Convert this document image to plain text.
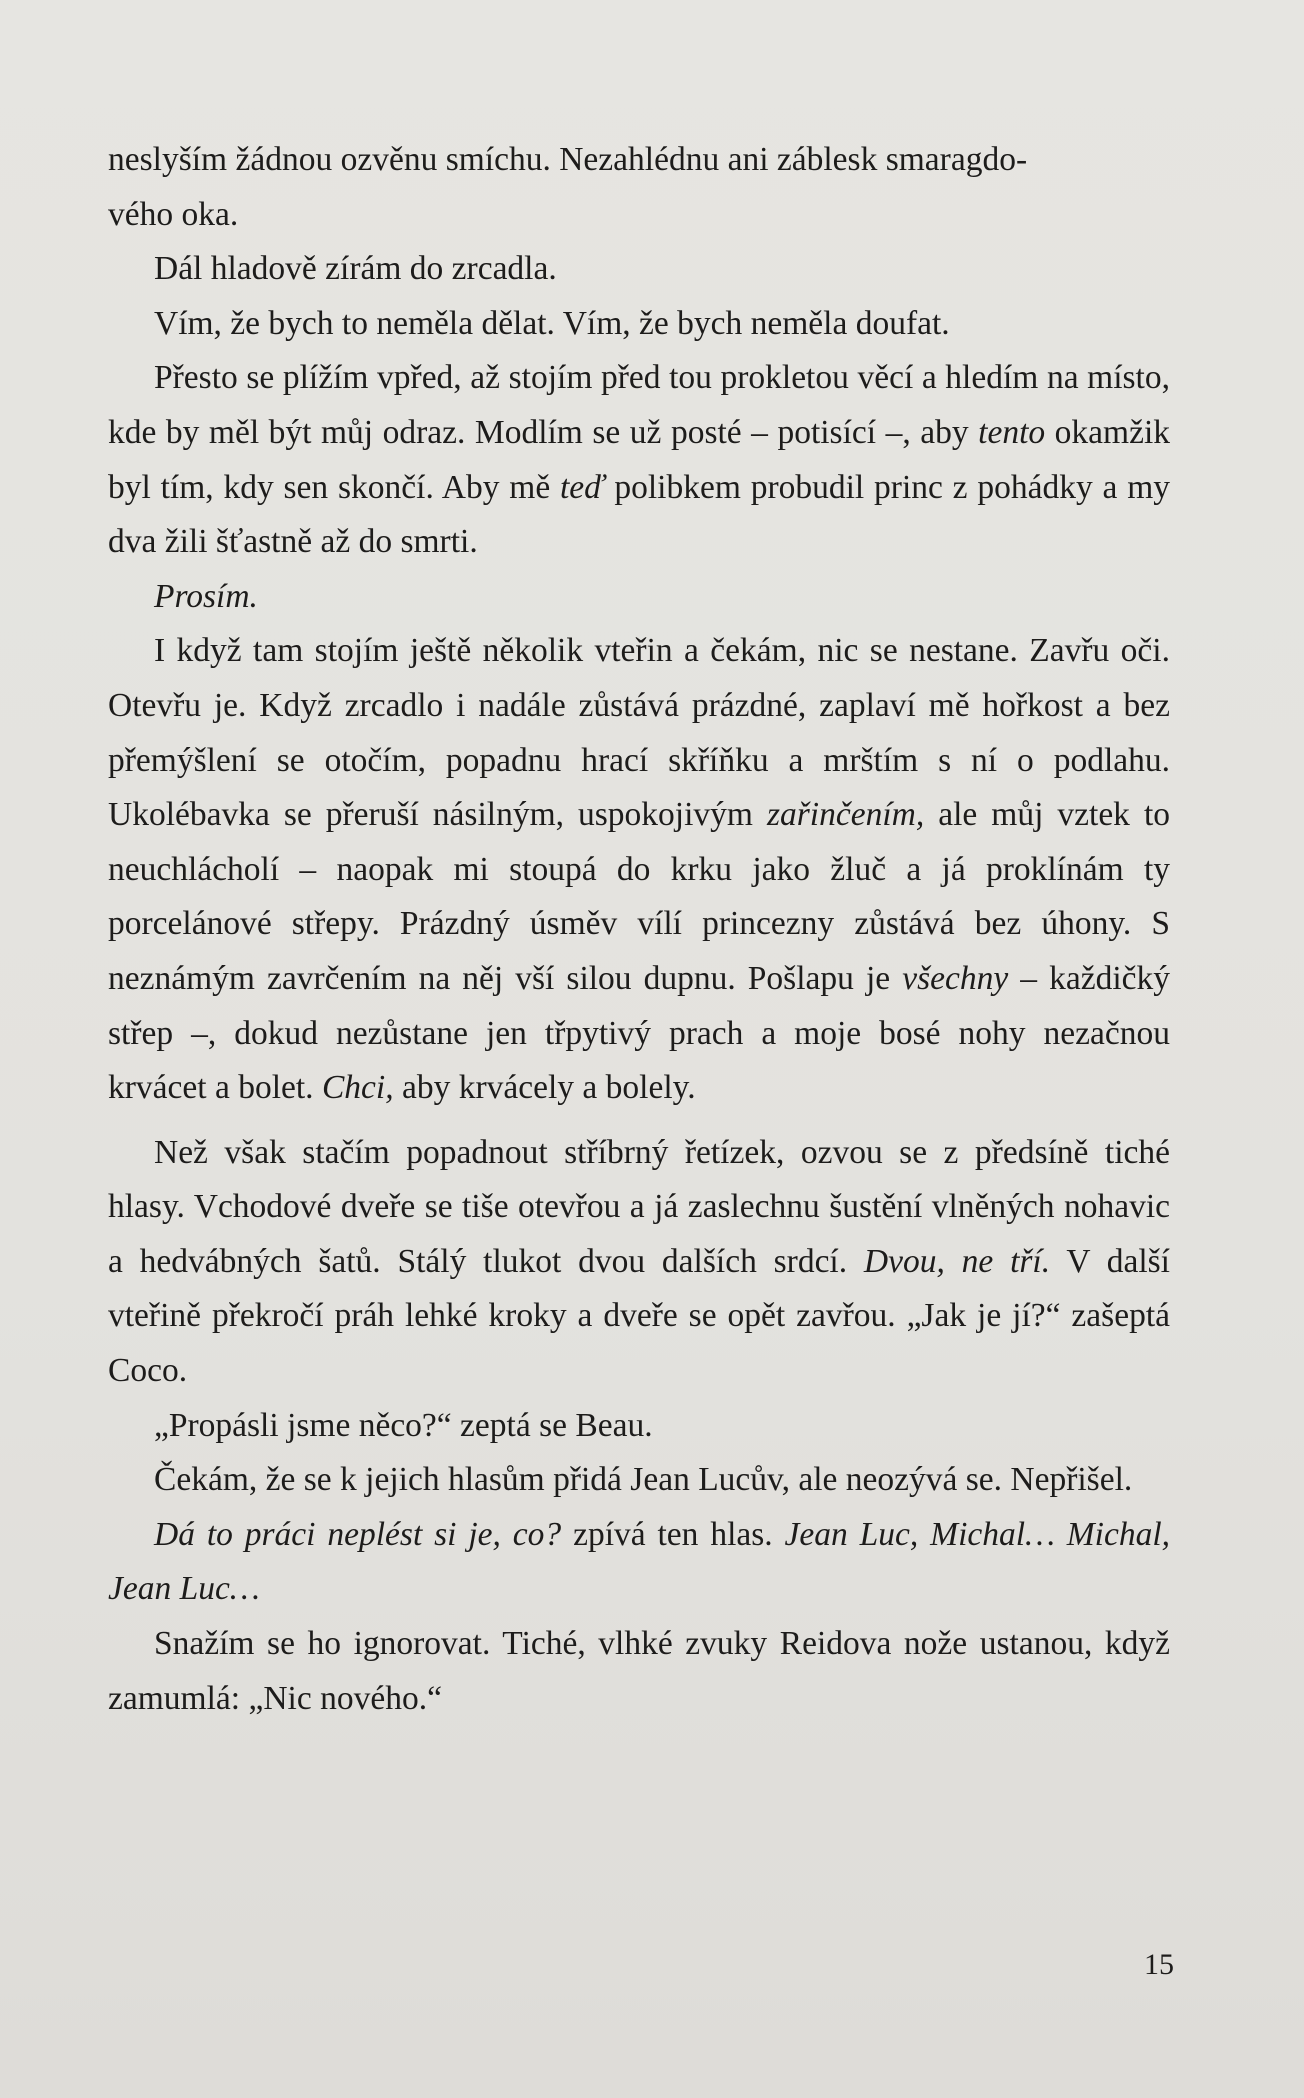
neslyším žádnou ozvěnu smíchu. Nezahlédnu ani záblesk smaragdo-
vého oka.

Dál hladově zírám do zrcadla.

Vím, že bych to neměla dělat. Vím, že bych neměla doufat.

Přesto se plížím vpřed, až stojím před tou prokletou věcí a hledím na místo, kde by měl být můj odraz. Modlím se už posté – potisící –, aby tento okamžik byl tím, kdy sen skončí. Aby mě teď polibkem probudil princ z pohádky a my dva žili šťastně až do smrti.

Prosím.

I když tam stojím ještě několik vteřin a čekám, nic se nestane. Zavřu oči. Otevřu je. Když zrcadlo i nadále zůstává prázdné, zaplaví mě hořkost a bez přemýšlení se otočím, popadnu hrací skříňku a mrštím s ní o podlahu. Ukolébavka se přeruší násilným, uspokojivým zařinčením, ale můj vztek to neuchlácholí – naopak mi stoupá do krku jako žluč a já proklínám ty porcelánové střepy. Prázdný úsměv vílí princezny zůstává bez úhony. S neznámým zavrčením na něj vší silou dupnu. Pošlapu je všechny – každičký střep –, dokud nezůstane jen třpytivý prach a moje bosé nohy nezačnou krvácet a bolet. Chci, aby krvácely a bolely.

Než však stačím popadnout stříbrný řetízek, ozvou se z předsíně tiché hlasy. Vchodové dveře se tiše otevřou a já zaslechnu šustění vlněných nohavic a hedvábných šatů. Stálý tlukot dvou dalších srdcí. Dvou, ne tří. V další vteřině překročí práh lehké kroky a dveře se opět zavřou. „Jak je jí?“ zašeptá Coco.

„Propásli jsme něco?“ zeptá se Beau.

Čekám, že se k jejich hlasům přidá Jean Lucův, ale neozývá se. Nepřišel.

Dá to práci neplést si je, co? zpívá ten hlas. Jean Luc, Michal… Michal, Jean Luc…

Snažím se ho ignorovat. Tiché, vlhké zvuky Reidova nože ustanou, když zamumlá: „Nic nového.“

15
